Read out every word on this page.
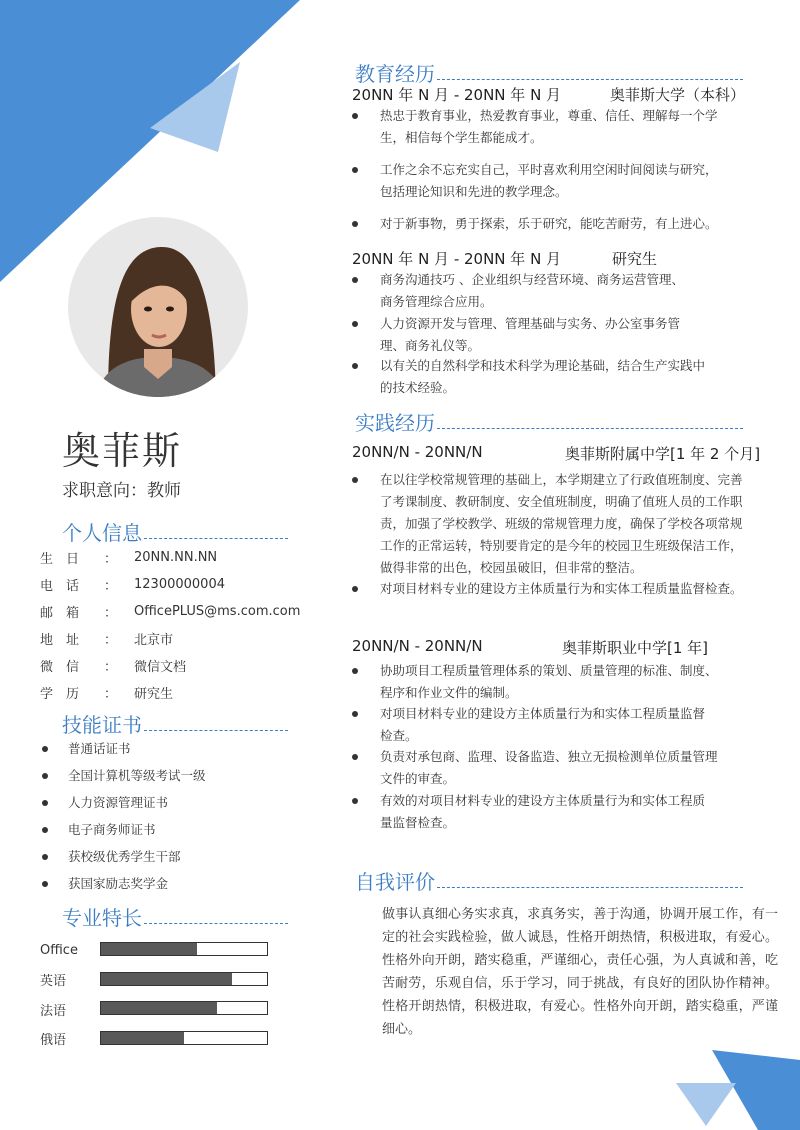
奥菲斯
求职意向：教师
个人信息
生　日	：	20NN.NN.NN
电　话	：	12300000004
邮　箱	：	OfficePLUS@ms.com.com
地　址	：	北京市
微　信	：	微信文档
学　历	：	研究生
技能证书
普通话证书
全国计算机等级考试一级
人力资源管理证书
电子商务师证书
获校级优秀学生干部
获国家励志奖学金
专业特长
Office
英语
法语
俄语
教育经历
20NN 年 N 月 - 20NN 年 N 月	奥菲斯大学（本科）
热忠于教育事业，热爱教育事业，尊重、信任、理解每一个学
生，相信每个学生都能成才。
工作之余不忘充实自己，平时喜欢利用空闲时间阅读与研究，
包括理论知识和先进的教学理念。
对于新事物，勇于探索，乐于研究，能吃苦耐劳，有上进心。
20NN 年 N 月 - 20NN 年 N 月	研究生
商务沟通技巧 、企业组织与经营环境、商务运营管理、
商务管理综合应用。
人力资源开发与管理、管理基础与实务、办公室事务管
理、商务礼仪等。
以有关的自然科学和技术科学为理论基础，结合生产实践中
的技术经验。
实践经历
20NN/N - 20NN/N	奥菲斯附属中学[1 年 2 个月]
在以往学校常规管理的基础上，本学期建立了行政值班制度、完善
了考课制度、教研制度、安全值班制度，明确了值班人员的工作职
责，加强了学校教学、班级的常规管理力度，确保了学校各项常规
工作的正常运转，特别要肯定的是今年的校园卫生班级保洁工作，
做得非常的出色，校园虽破旧，但非常的整洁。
对项目材料专业的建设方主体质量行为和实体工程质量监督检查。
20NN/N - 20NN/N	奥菲斯职业中学[1 年]
协助项目工程质量管理体系的策划、质量管理的标准、制度、
程序和作业文件的编制。
对项目材料专业的建设方主体质量行为和实体工程质量监督
检查。
负责对承包商、监理、设备监造、独立无损检测单位质量管理
文件的审查。
有效的对项目材料专业的建设方主体质量行为和实体工程质
量监督检查。
自我评价
做事认真细心务实求真，求真务实，善于沟通，协调开展工作，有一定的社会实践检验，做人诚恳，性格开朗热情，积极进取，有爱心。性格外向开朗，踏实稳重，严谨细心，责任心强，为人真诚和善，吃苦耐劳，乐观自信，乐于学习，同于挑战，有良好的团队协作精神。性格开朗热情，积极进取，有爱心。性格外向开朗，踏实稳重，严谨细心。
